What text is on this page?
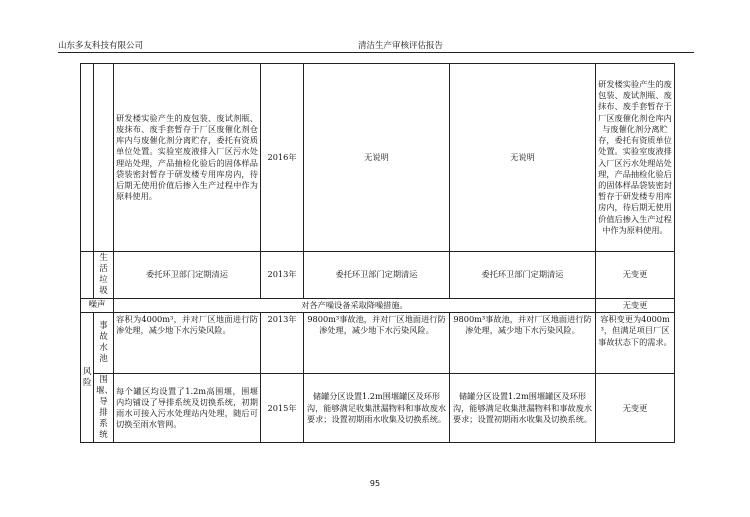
山东多友科技有限公司	清洁生产审核评估报告
		研发楼实验产生的废包装、废试剂瓶、废抹布、废手套暂存于厂区废催化剂仓库内与废催化剂分离贮存，委托有资质单位处置。实验室废液排入厂区污水处理站处理，产品抽检化验后的固体样品袋装密封暂存于研发楼专用库房内，待后期无使用价值后掺入生产过程中作为原料使用。	2016年	无说明	无说明	研发楼实验产生的废包装、废试剂瓶、废抹布、废手套暂存于厂区废催化剂仓库内与废催化剂分离贮存，委托有资质单位处置。实验室废液排入厂区污水处理站处理，产品抽检化验后的固体样品袋装密封暂存于研发楼专用库房内，待后期无使用价值后掺入生产过程中作为原料使用。
	生活垃圾	委托环卫部门定期清运	2013年	委托环卫部门定期清运	委托环卫部门定期清运	无变更
噪声		对各产噪设备采取降噪措施。				无变更
风险	事故水池	容积为4000m³，并对厂区地面进行防渗处理，减少地下水污染风险。	2013年	9800m³事故池，并对厂区地面进行防渗处理，减少地下水污染风险。	9800m³事故池，并对厂区地面进行防渗处理，减少地下水污染风险。	容积变更为4000m³，但满足项目厂区事故状态下的需求。
	围堰、导排系统	每个罐区均设置了1.2m高围堰，围堰内均铺设了导排系统及切换系统，初期雨水可接入污水处理站内处理，随后可切换至雨水管网。	2015年	储罐分区设置1.2m围堰罐区及环形沟，能够满足收集泄漏物料和事故废水要求；设置初期雨水收集及切换系统。	储罐分区设置1.2m围堰罐区及环形沟，能够满足收集泄漏物料和事故废水要求；设置初期雨水收集及切换系统。	无变更
95
